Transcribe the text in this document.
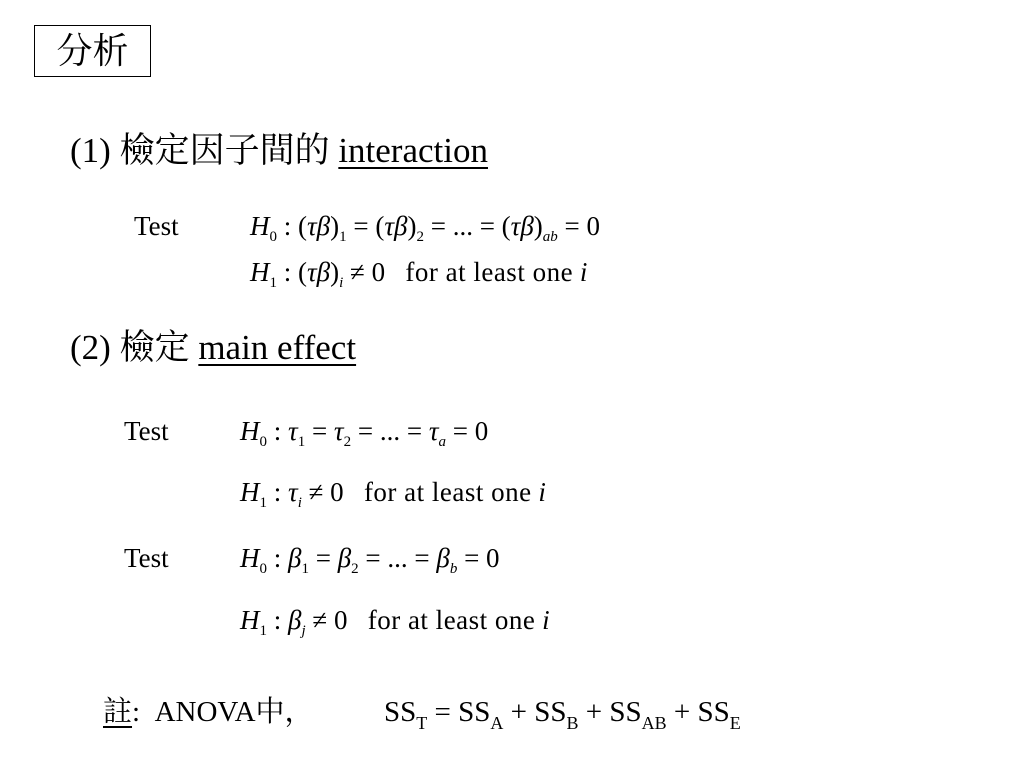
分析
(1) 檢定因子間的 interaction
Test	$H_0$ : $(\tau\beta)_1 = (\tau\beta)_2$ = ... = $(\tau\beta)_{ab} = 0$
$H_1$ : $(\tau\beta)_i \ne 0$   for at least one i
(2) 檢定 main effect
Test	$H_0$ : $\tau_1 = \tau_2$ = ... = $\tau_a = 0$
$H_1$ : $\tau_i \ne 0$   for at least one i
Test	$H_0$ : $\beta_1 = \beta_2$ = ... = $\beta_b = 0$
$H_1$ : $\beta_j \ne 0$   for at least one i
註: ANOVA中， $SS_T = SS_A + SS_B + SS_{AB} + SS_E$
